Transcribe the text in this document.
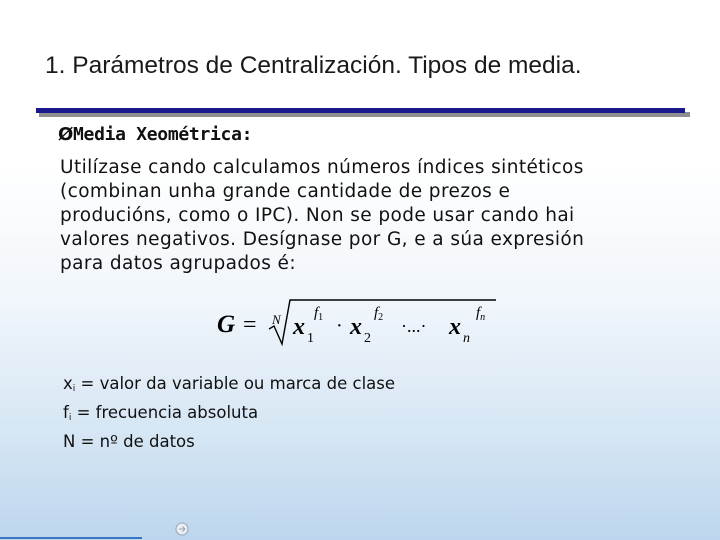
1. Parámetros de Centralización. Tipos de media.
ØMedia Xeométrica:
Utilízase cando calculamos números índices sintéticos
(combinan unha grande cantidade de prezos e
producións, como o IPC). Non se pode usar cando hai
valores negativos. Desígnase por G, e a súa expresión
para datos agrupados é:
G = N x 1
$f_1 \cdot x$ 2
$f_2$ ·...· x n
$f_n$
$x_i$ = valor da variable ou marca de clase
$f_i$ = frecuencia absoluta
N = nº de datos
